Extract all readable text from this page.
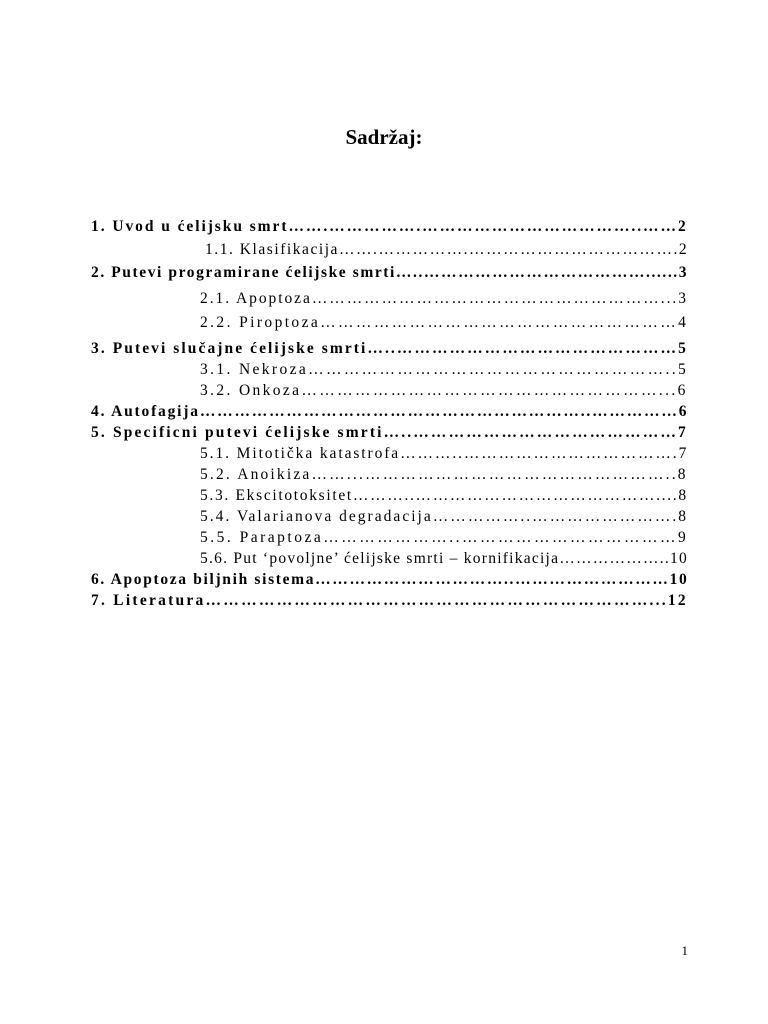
Sadržaj:
1. Uvod u ćelijsku smrt…….…………….………………………………..……2
1.1. Klasifikacija…….…………….……………………………….2
2. Putevi programirane ćelijske smrti…..…………………………………......3
2.1. Apoptoza……………………………………………………...3
2.2. Piroptoza……………………………………………………4
3. Putevi slučajne ćelijske smrti…..…………………………………………5
3.1. Nekroza……………………………………………………..5
3.2. Onkoza……………………………………………………...6
4. Autofagija…………………………………………………………..……………6
5. Specificni putevi ćelijske smrti…..………………………………………7
5.1. Mitotička katastrofa………..……………………………….7
5.2. Anoikiza……...……………………………………………..8
5.3. Ekscitotoksitet………..……………………………………....8
5.4. Valarianova degradacija……………..…………………….8
5.5. Paraptoza…………………..………………………………9
5.6. Put ‘povoljne’ ćelijske smrti – kornifikacija………………..10
6. Apoptoza biljnih sistema……………………………..………………………10
7. Literatura…………………………………………………………………...12
1
